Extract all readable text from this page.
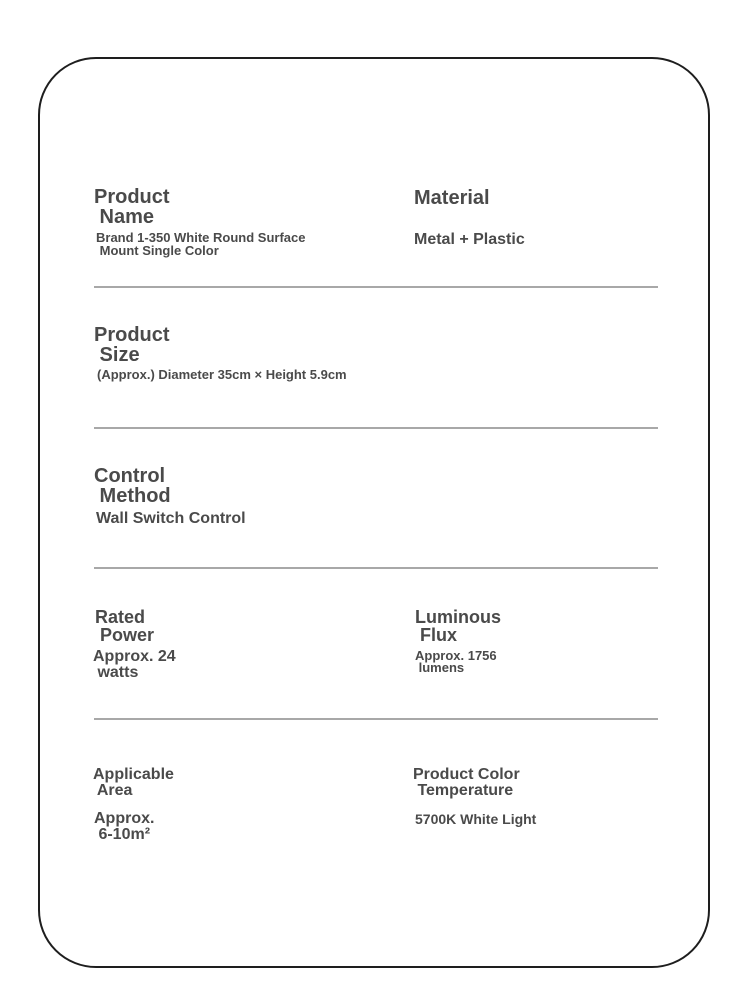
Product
Name
Brand 1-350 White Round Surface
Mount Single Color
Material
Metal + Plastic
Product
Size
(Approx.) Diameter 35cm × Height 5.9cm
Control
Method
Wall Switch Control
Rated
Power
Approx. 24
watts
Luminous
Flux
Approx. 1756
lumens
Applicable
Area
Approx.
6-10m²
Product Color
Temperature
5700K White Light
